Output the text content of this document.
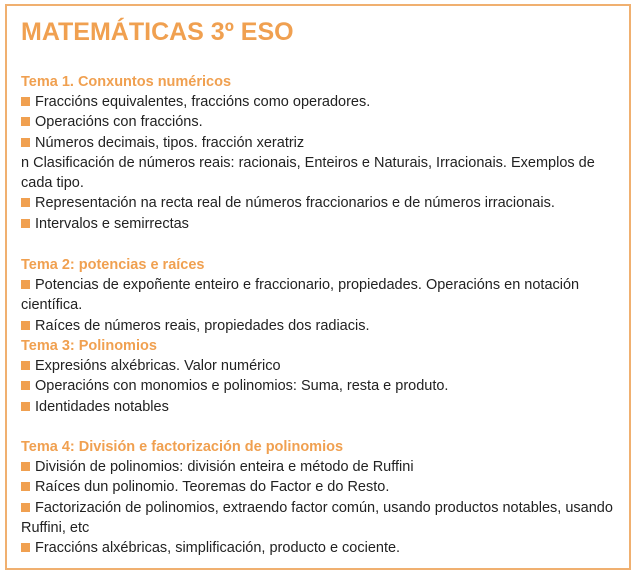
MATEMÁTICAS 3º ESO
Tema 1. Conxuntos numéricos
Fraccións equivalentes, fraccións como operadores.
Operacións con fraccións.
Números decimais, tipos. fracción xeratriz
n Clasificación de números reais: racionais, Enteiros e Naturais, Irracionais. Exemplos de cada tipo.
Representación na recta real de números fraccionarios e de números irracionais.
Intervalos e semirrectas
Tema 2: potencias e raíces
Potencias de expoñente enteiro e fraccionario, propiedades. Operacións en notación científica.
Raíces de números reais, propiedades dos radiacis.
Tema 3: Polinomios
Expresións alxébricas. Valor numérico
Operacións con monomios e polinomios: Suma, resta e produto.
Identidades notables
Tema 4: División e factorización de polinomios
División de polinomios: división enteira e método de Ruffini
Raíces dun polinomio. Teoremas do Factor e do Resto.
Factorización de polinomios, extraendo factor común, usando productos notables, usando Ruffini, etc
Fraccións alxébricas, simplificación, producto e cociente.
